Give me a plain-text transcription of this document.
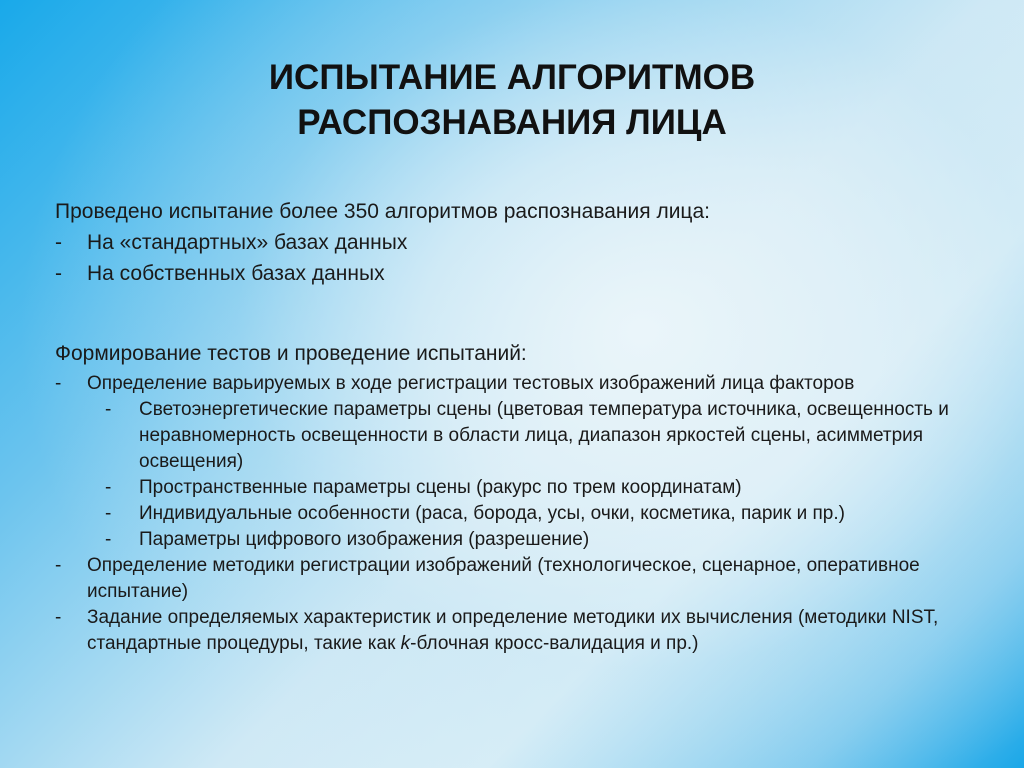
ИСПЫТАНИЕ АЛГОРИТМОВ
РАСПОЗНАВАНИЯ ЛИЦА

Проведено испытание более 350 алгоритмов распознавания лица:

- На «стандартных» базах данных
- На собственных базах данных

Формирование тестов и проведение испытаний:

- Определение варьируемых в ходе регистрации тестовых изображений лица факторов
- Светоэнергетические параметры сцены (цветовая температура источника, освещенность и неравномерность освещенности в области лица, диапазон яркостей сцены, асимметрия освещения)
- Пространственные параметры сцены (ракурс по трем координатам)
- Индивидуальные особенности (раса, борода, усы, очки, косметика, парик и пр.)
- Параметры цифрового изображения (разрешение)
- Определение методики регистрации изображений (технологическое, сценарное, оперативное испытание)
- Задание определяемых характеристик и определение методики их вычисления (методики NIST, стандартные процедуры, такие как k-блочная кросс-валидация и пр.)
